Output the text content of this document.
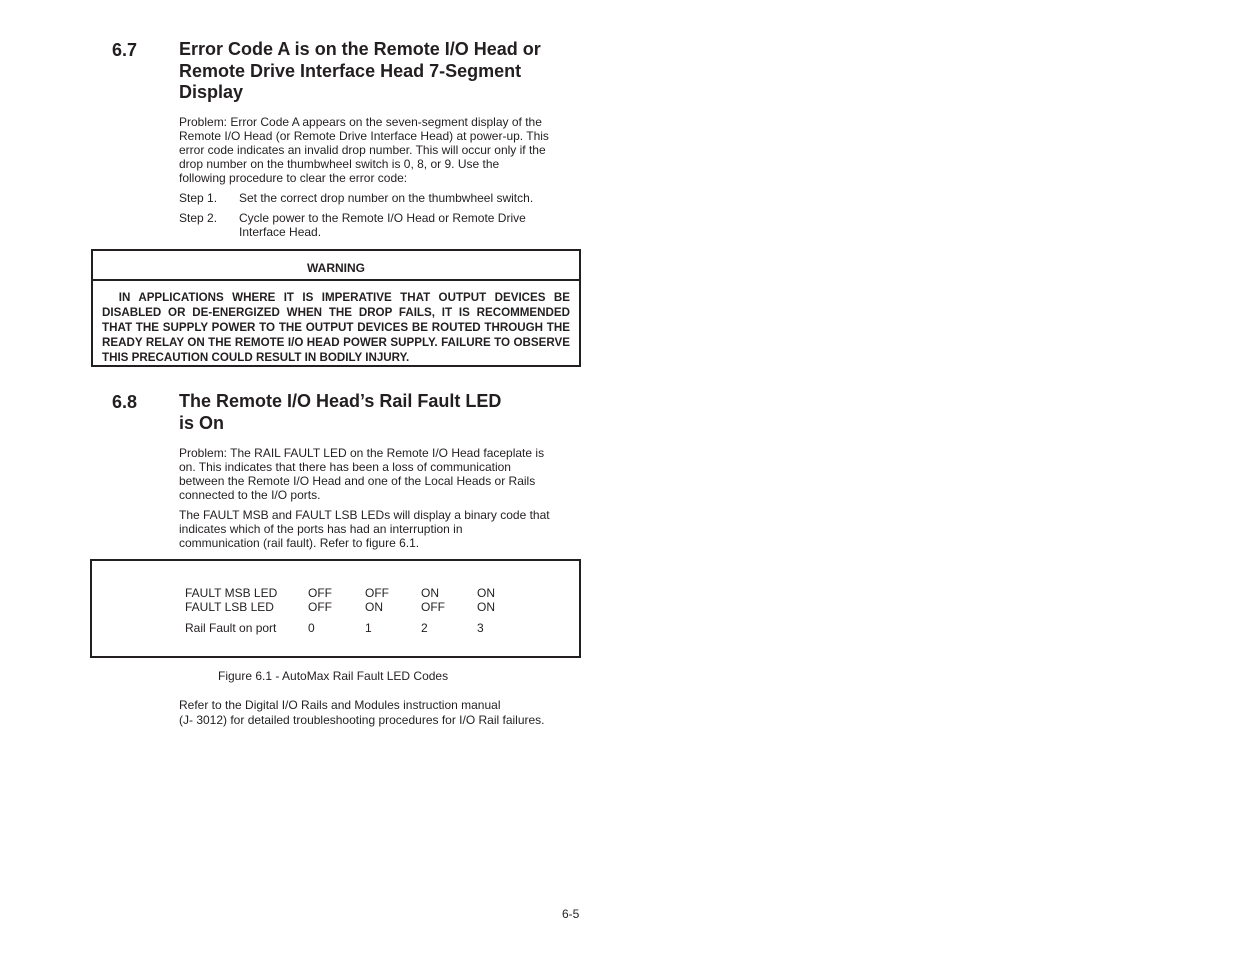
6.7 Error Code A is on the Remote I/O Head or
Remote Drive Interface Head 7-Segment
Display
Problem: Error Code A appears on the seven-segment display of the
Remote I/O Head (or Remote Drive Interface Head) at power-up. This
error code indicates an invalid drop number. This will occur only if the
drop number on the thumbwheel switch is 0, 8, or 9. Use the
following procedure to clear the error code:
Step 1. Set the correct drop number on the thumbwheel switch.
Step 2. Cycle power to the Remote I/O Head or Remote Drive
Interface Head.
WARNING
IN APPLICATIONS WHERE IT IS IMPERATIVE THAT OUTPUT DEVICES BE DISABLED OR DE-ENERGIZED WHEN THE DROP FAILS, IT IS RECOMMENDED THAT THE SUPPLY POWER TO THE OUTPUT DEVICES BE ROUTED THROUGH THE READY RELAY ON THE REMOTE I/O HEAD POWER SUPPLY. FAILURE TO OBSERVE THIS PRECAUTION COULD RESULT IN BODILY INJURY.
6.8 The Remote I/O Head’s Rail Fault LED
is On
Problem: The RAIL FAULT LED on the Remote I/O Head faceplate is
on. This indicates that there has been a loss of communication
between the Remote I/O Head and one of the Local Heads or Rails
connected to the I/O ports.
The FAULT MSB and FAULT LSB LEDs will display a binary code that
indicates which of the ports has had an interruption in
communication (rail fault). Refer to figure 6.1.
FAULT MSB LED	OFF	OFF	ON	ON
FAULT LSB LED	OFF	ON	OFF	ON
Rail Fault on port	0	1	2	3
Figure 6.1 - AutoMax Rail Fault LED Codes
Refer to the Digital I/O Rails and Modules instruction manual
(J- 3012) for detailed troubleshooting procedures for I/O Rail failures.
6-5
